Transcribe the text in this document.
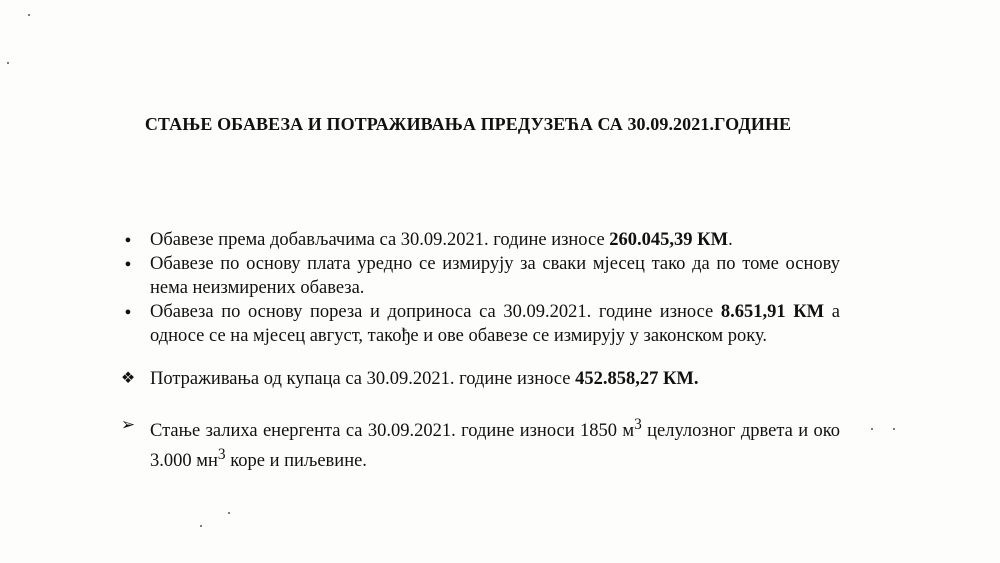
СТАЊЕ ОБАВЕЗА И ПОТРАЖИВАЊА ПРЕДУЗЕЋА СА 30.09.2021.ГОДИНЕ
●	Обавезе према добављачима са 30.09.2021. године износе 260.045,39 КМ.
●	Обавезе по основу плата уредно се измирују за сваки мјесец тако да по томе основу нема неизмирених обавеза.
●	Обавеза по основу пореза и доприноса са 30.09.2021. године износе 8.651,91 КМ а односе се на мјесец август, такође и ове обавезе се измирују у законском року.
❖ Потраживања од купаца са 30.09.2021. године износе 452.858,27 КМ.
➢ Стање залиха енергента са 30.09.2021. године износи 1850 $м^3$ целулозног дрвета и око 3.000 $мн^3$ коре и пиљевине.
